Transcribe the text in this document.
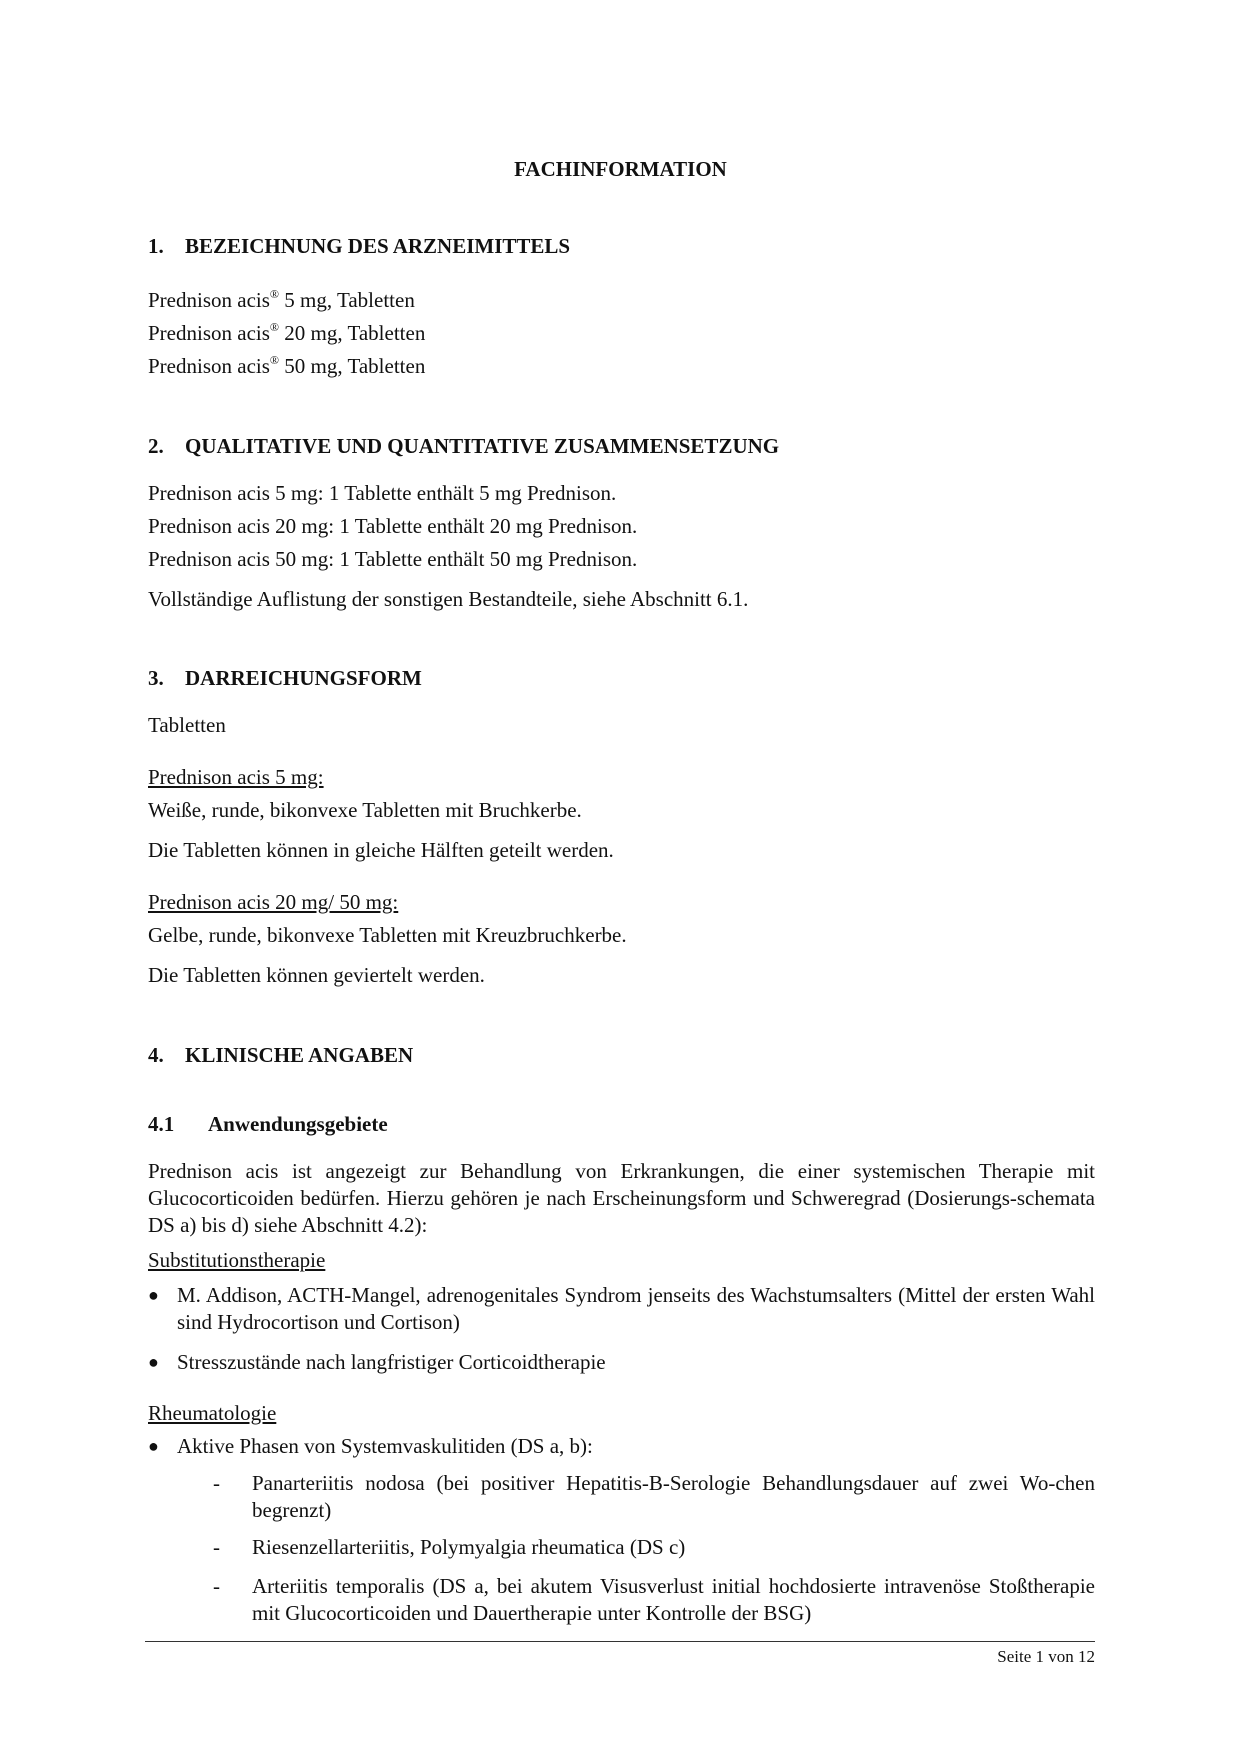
FACHINFORMATION
1. BEZEICHNUNG DES ARZNEIMITTELS
Prednison acis® 5 mg, Tabletten
Prednison acis® 20 mg, Tabletten
Prednison acis® 50 mg, Tabletten
2. QUALITATIVE UND QUANTITATIVE ZUSAMMENSETZUNG
Prednison acis 5 mg: 1 Tablette enthält 5 mg Prednison.
Prednison acis 20 mg: 1 Tablette enthält 20 mg Prednison.
Prednison acis 50 mg: 1 Tablette enthält 50 mg Prednison.
Vollständige Auflistung der sonstigen Bestandteile, siehe Abschnitt 6.1.
3. DARREICHUNGSFORM
Tabletten
Prednison acis 5 mg:
Weiße, runde, bikonvexe Tabletten mit Bruchkerbe.
Die Tabletten können in gleiche Hälften geteilt werden.
Prednison acis 20 mg/ 50 mg:
Gelbe, runde, bikonvexe Tabletten mit Kreuzbruchkerbe.
Die Tabletten können geviertelt werden.
4. KLINISCHE ANGABEN
4.1 Anwendungsgebiete
Prednison acis ist angezeigt zur Behandlung von Erkrankungen, die einer systemischen Therapie mit Glucocorticoiden bedürfen. Hierzu gehören je nach Erscheinungsform und Schweregrad (Dosierungs-schemata DS a) bis d) siehe Abschnitt 4.2):
Substitutionstherapie
● M. Addison, ACTH-Mangel, adrenogenitales Syndrom jenseits des Wachstumsalters (Mittel der ersten Wahl sind Hydrocortison und Cortison)
● Stresszustände nach langfristiger Corticoidtherapie
Rheumatologie
● Aktive Phasen von Systemvaskulitiden (DS a, b):
- Panarteriitis nodosa (bei positiver Hepatitis-B-Serologie Behandlungsdauer auf zwei Wo-chen begrenzt)
- Riesenzellarteriitis, Polymyalgia rheumatica (DS c)
- Arteriitis temporalis (DS a, bei akutem Visusverlust initial hochdosierte intravenöse Stoßtherapie mit Glucocorticoiden und Dauertherapie unter Kontrolle der BSG)
Seite 1 von 12
